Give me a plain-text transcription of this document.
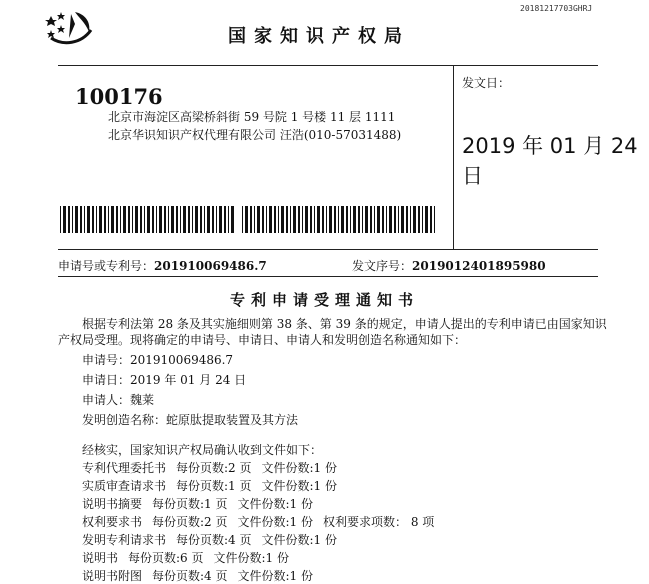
20181217703GHRJ
国家知识产权局
100176
北京市海淀区高梁桥斜街 59 号院 1 号楼 11 层 1111
北京华识知识产权代理有限公司 汪浩(010-57031488)
发文日：
2019 年 01 月 24 日
申请号或专利号：201910069486.7	发文序号：2019012401895980
专利申请受理通知书

根据专利法第 28 条及其实施细则第 38 条、第 39 条的规定，申请人提出的专利申请已由国家知识产权局受理。现将确定的申请号、申请日、申请人和发明创造名称通知如下：

申请号：201910069486.7
申请日：2019 年 01 月 24 日
申请人：魏莱
发明创造名称：蛇原肽提取装置及其方法
经核实，国家知识产权局确认收到文件如下：
专利代理委托书 每份页数:2 页 文件份数:1 份
实质审查请求书 每份页数:1 页 文件份数:1 份
说明书摘要 每份页数:1 页 文件份数:1 份
权利要求书 每份页数:2 页 文件份数:1 份 权利要求项数： 8 项
发明专利请求书 每份页数:4 页 文件份数:1 份
说明书 每份页数:6 页 文件份数:1 份
说明书附图 每份页数:4 页 文件份数:1 份
